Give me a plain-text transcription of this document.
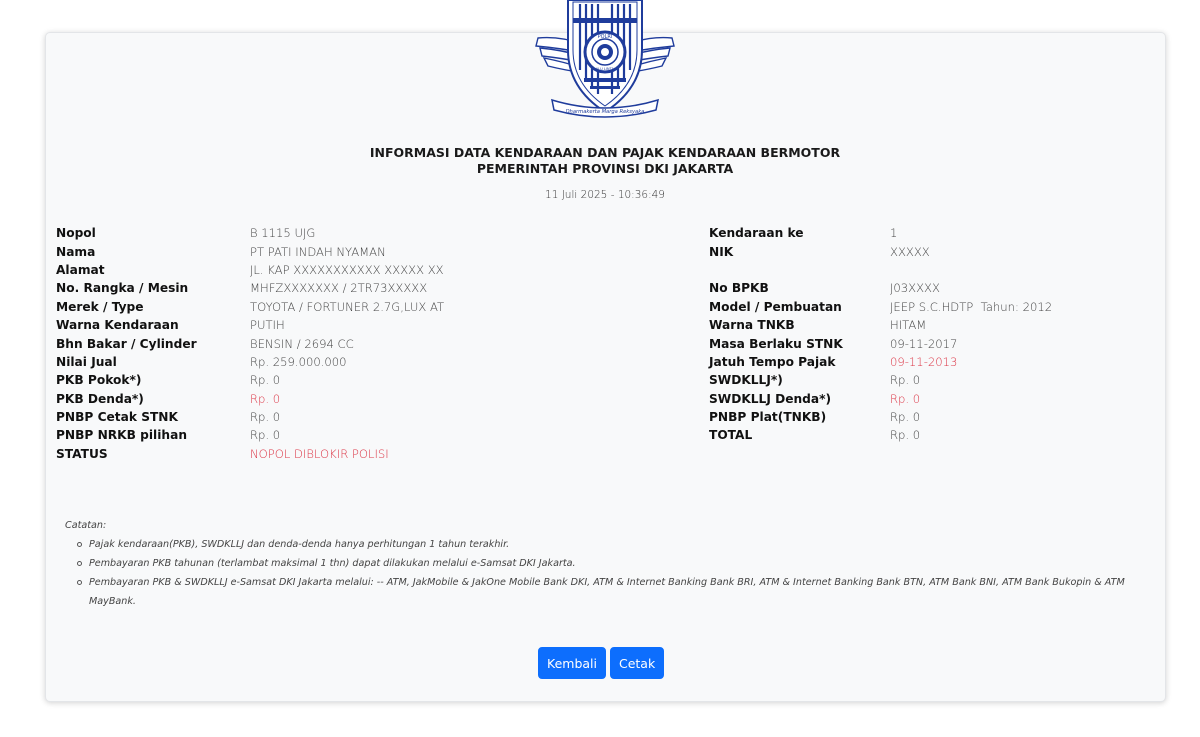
POLRI
LALU LINTAS
Dharmakerta Marga Reksyaka
INFORMASI DATA KENDARAAN DAN PAJAK KENDARAAN BERMOTOR
PEMERINTAH PROVINSI DKI JAKARTA
11 Juli 2025 - 10:36:49
Nopol	B 1115 UJG
Nama	PT PATI INDAH NYAMAN
Alamat	JL. KAP XXXXXXXXXXX XXXXX XX
No. Rangka / Mesin	MHFZXXXXXXX / 2TR73XXXXX
Merek / Type	TOYOTA / FORTUNER 2.7G,LUX AT
Warna Kendaraan	PUTIH
Bhn Bakar / Cylinder	BENSIN / 2694 CC
Nilai Jual	Rp. 259.000.000
PKB Pokok*)	Rp. 0
PKB Denda*)	Rp. 0
PNBP Cetak STNK	Rp. 0
PNBP NRKB pilihan	Rp. 0
STATUS	NOPOL DIBLOKIR POLISI
Kendaraan ke	1
NIK	XXXXX
No BPKB	J03XXXX
Model / Pembuatan	JEEP S.C.HDTP  Tahun: 2012
Warna TNKB	HITAM
Masa Berlaku STNK	09-11-2017
Jatuh Tempo Pajak	09-11-2013
SWDKLLJ*)	Rp. 0
SWDKLLJ Denda*)	Rp. 0
PNBP Plat(TNKB)	Rp. 0
TOTAL	Rp. 0
Catatan:
Pajak kendaraan(PKB), SWDKLLJ dan denda-denda hanya perhitungan 1 tahun terakhir.
Pembayaran PKB tahunan (terlambat maksimal 1 thn) dapat dilakukan melalui e-Samsat DKI Jakarta.
Pembayaran PKB & SWDKLLJ e-Samsat DKI Jakarta melalui: -- ATM, JakMobile & JakOne Mobile Bank DKI, ATM & Internet Banking Bank BRI, ATM & Internet Banking Bank BTN, ATM Bank BNI, ATM Bank Bukopin & ATM MayBank.
Kembali	Cetak
